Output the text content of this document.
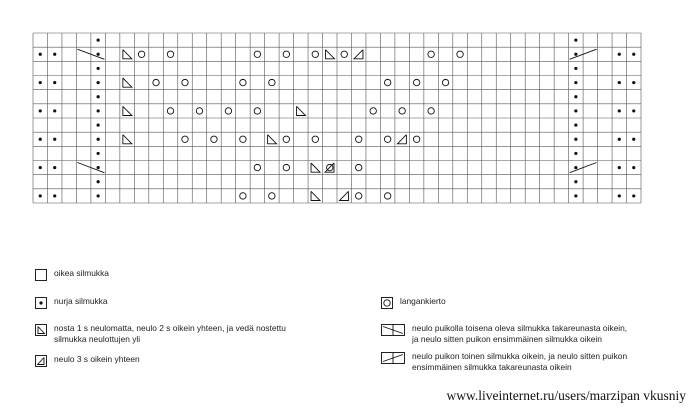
oikea silmukka
nurja silmukka
nosta 1 s neulomatta, neulo 2 s oikein yhteen, ja vedä nostettu
silmukka neulottujen yli
neulo 3 s oikein yhteen
langankierto
neulo puikolla toisena oleva silmukka takareunasta oikein,
ja neulo sitten puikon ensimmäinen silmukka oikein
neulo puikon toinen silmukka oikein, ja neulo sitten puikon
ensimmäinen silmukka takareunasta oikein
www.liveinternet.ru/users/marzipan vkusniy
